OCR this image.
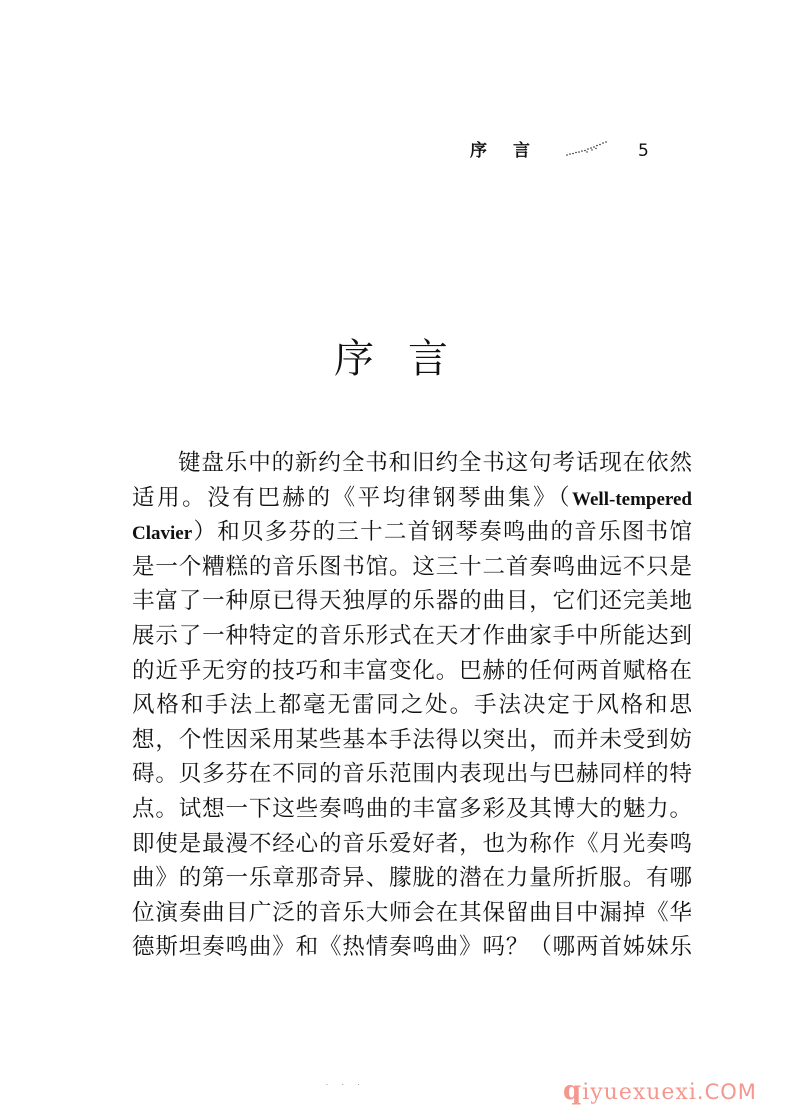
序言	5
序言
键盘乐中的新约全书和旧约全书这句考话现在依然
适用。没有巴赫的《平均律钢琴曲集》（Well-tempered
Clavier）和贝多芬的三十二首钢琴奏鸣曲的音乐图书馆
是一个糟糕的音乐图书馆。这三十二首奏鸣曲远不只是
丰富了一种原已得天独厚的乐器的曲目，它们还完美地
展示了一种特定的音乐形式在天才作曲家手中所能达到
的近乎无穷的技巧和丰富变化。巴赫的任何两首赋格在
风格和手法上都毫无雷同之处。手法决定于风格和思
想，个性因采用某些基本手法得以突出，而并未受到妨
碍。贝多芬在不同的音乐范围内表现出与巴赫同样的特
点。试想一下这些奏鸣曲的丰富多彩及其博大的魅力。
即使是最漫不经心的音乐爱好者，也为称作《月光奏鸣
曲》的第一乐章那奇异、朦胧的潜在力量所折服。有哪
位演奏曲目广泛的音乐大师会在其保留曲目中漏掉《华
德斯坦奏鸣曲》和《热情奏鸣曲》吗？（哪两首姊妹乐
· · ·	qiyuexuexi.COM
